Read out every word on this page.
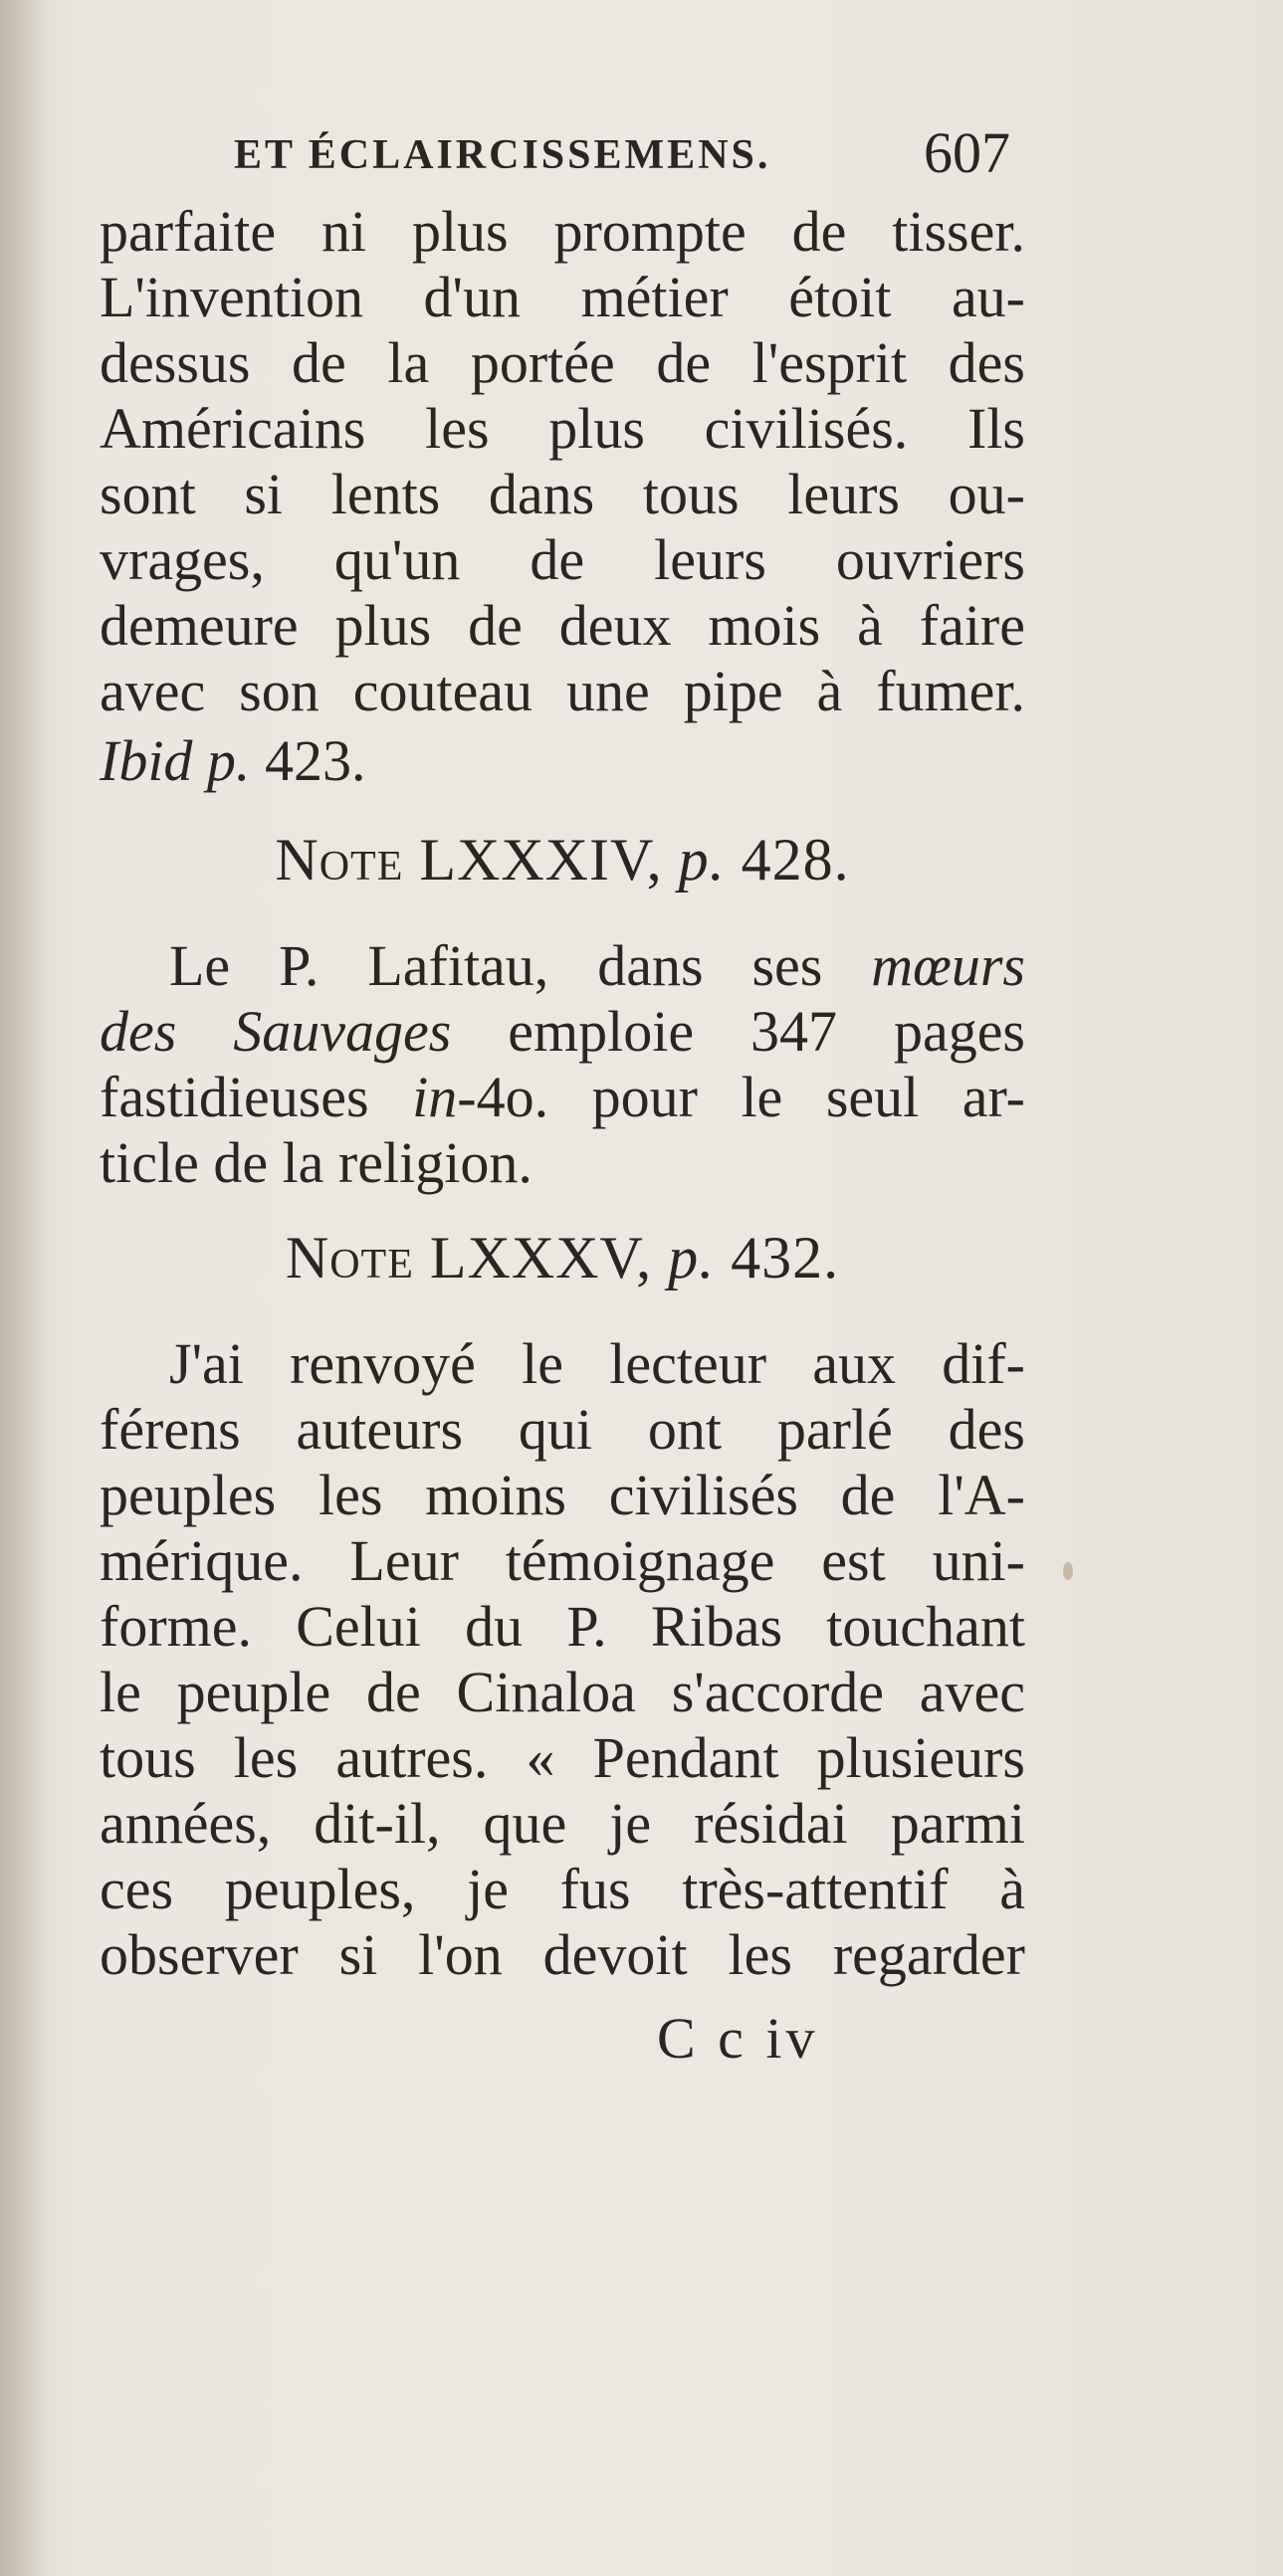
ET ÉCLAIRCISSEMENS.	607
parfaite ni plus prompte de tisser.
L'invention d'un métier étoit au-
dessus de la portée de l'esprit des
Américains les plus civilisés. Ils
sont si lents dans tous leurs ou-
vrages, qu'un de leurs ouvriers
demeure plus de deux mois à faire
avec son couteau une pipe à fumer.
Ibid p. 423.
Note LXXXIV, p. 428.
Le P. Lafitau, dans ses mœurs
des Sauvages emploie 347 pages
fastidieuses in-4o. pour le seul ar-
ticle de la religion.
Note LXXXV, p. 432.
J'ai renvoyé le lecteur aux dif-
férens auteurs qui ont parlé des
peuples les moins civilisés de l'A-
mérique. Leur témoignage est uni-
forme. Celui du P. Ribas touchant
le peuple de Cinaloa s'accorde avec
tous les autres. « Pendant plusieurs
années, dit-il, que je résidai parmi
ces peuples, je fus très-attentif à
observer si l'on devoit les regarder
C c iv
